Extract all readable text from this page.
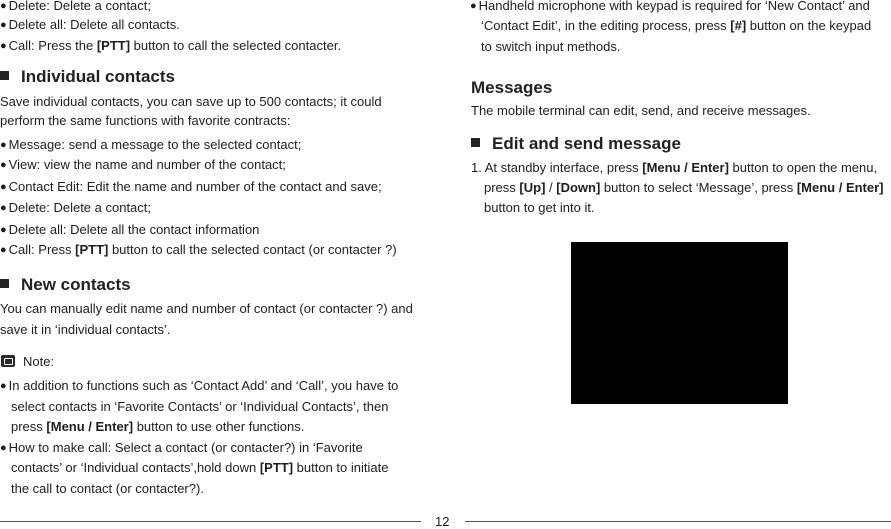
● Delete: Delete a contact;
● Delete all: Delete all contacts.
● Call: Press the [PTT] button to call the selected contacter.
Individual contacts
Save individual contacts, you can save up to 500 contacts; it could
perform the same functions with favorite contracts:
● Message: send a message to the selected contact;
● View: view the name and number of the contact;
● Contact Edit: Edit the name and number of the contact and save;
● Delete: Delete a contact;
● Delete all: Delete all the contact information
● Call: Press [PTT] button to call the selected contact (or contacter ?)
New contacts
You can manually edit name and number of contact (or contacter ?) and
save it in ‘individual contacts’.
Note:
● In addition to functions such as ‘Contact Add’ and ‘Call’, you have to
select contacts in ‘Favorite Contacts’ or ‘Individual Contacts’, then
press [Menu / Enter] button to use other functions.
● How to make call: Select a contact (or contacter?) in ‘Favorite
contacts’ or ‘Individual contacts’,hold down [PTT] button to initiate
the call to contact (or contacter?).
● Handheld microphone with keypad is required for ‘New Contact’ and
‘Contact Edit’, in the editing process, press [#] button on the keypad
to switch input methods.
Messages
The mobile terminal can edit, send, and receive messages.
Edit and send message
1. At standby interface, press [Menu / Enter] button to open the menu,
press [Up] / [Down] button to select ‘Message’, press [Menu / Enter]
button to get into it.
12
